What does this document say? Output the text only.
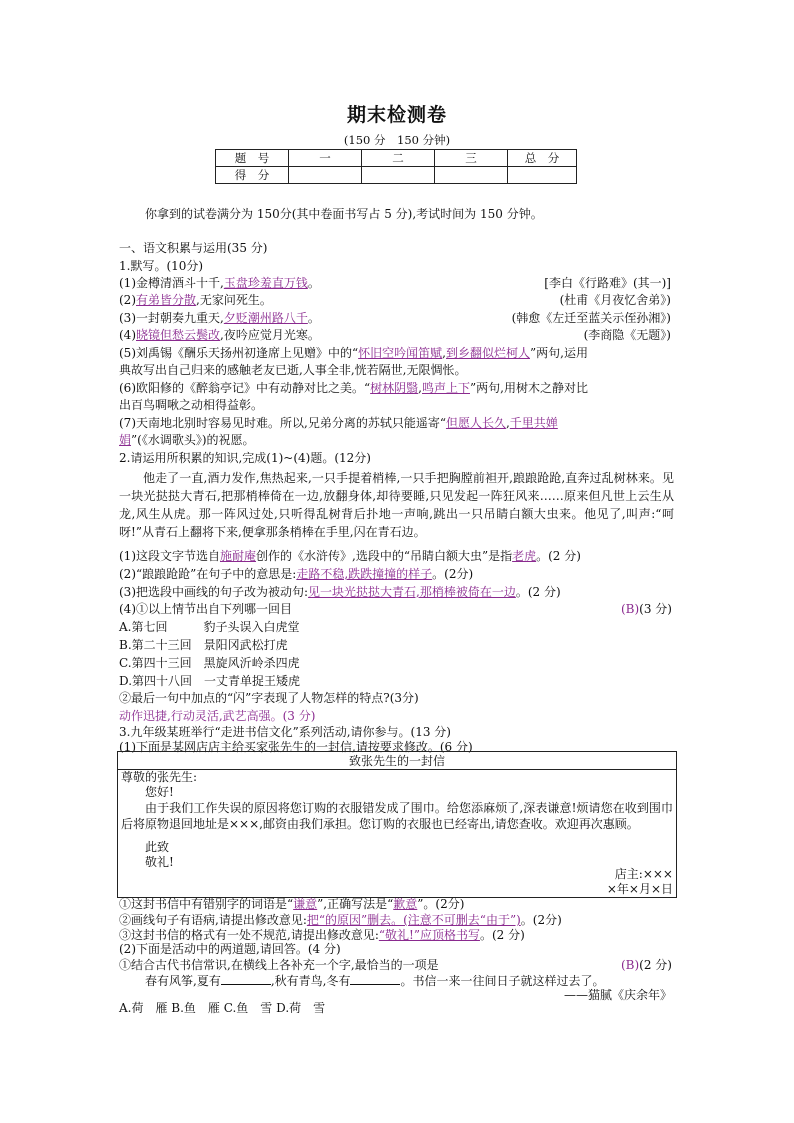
期末检测卷
(150 分　150 分钟)
题　号	一	二	三	总　分
得　分				
你拿到的试卷满分为 150分(其中卷面书写占 5 分),考试时间为 150 分钟。
一、语文积累与运用(35 分)
1.默写。(10分)
(1)金樽清酒斗十千,玉盘珍羞直万钱。	[李白《行路难》(其一)]
(2)有弟皆分散,无家问死生。	(杜甫《月夜忆舍弟》)
(3)一封朝奏九重天,夕贬潮州路八千。	(韩愈《左迁至蓝关示侄孙湘》)
(4)晓镜但愁云鬓改,夜吟应觉月光寒。	(李商隐《无题》)
(5)刘禹锡《酬乐天扬州初逢席上见赠》中的“怀旧空吟闻笛赋,到乡翻似烂柯人”两句,运用
典故写出自己归来的感触老友已逝,人事全非,恍若隔世,无限惆怅。
(6)欧阳修的《醉翁亭记》中有动静对比之美。“树林阴翳,鸣声上下”两句,用树木之静对比
出百鸟啁啾之动相得益彰。
(7)天南地北别时容易见时难。所以,兄弟分离的苏轼只能遥寄“但愿人长久,千里共婵
娟”(《水调歌头》)的祝愿。
2.请运用所积累的知识,完成(1)~(4)题。(12分)
他走了一直,酒力发作,焦热起来,一只手提着梢棒,一只手把胸膛前袒开,踉踉跄跄,直奔过乱树林来。见一块光挞挞大青石,把那梢棒倚在一边,放翻身体,却待要睡,只见发起一阵狂风来……原来但凡世上云生从龙,风生从虎。那一阵风过处,只听得乱树背后扑地一声响,跳出一只吊睛白额大虫来。他见了,叫声:“呵呀!”从青石上翻将下来,便拿那条梢棒在手里,闪在青石边。
(1)这段文字节选自施耐庵创作的《水浒传》,选段中的“吊睛白额大虫”是指老虎。(2 分)
(2)“踉踉跄跄”在句子中的意思是:走路不稳,跌跌撞撞的样子。(2分)
(3)把选段中画线的句子改为被动句:见一块光挞挞大青石,那梢棒被倚在一边。(2 分)
(4)①以上情节出自下列哪一回目	(B)(3 分)
A.第七回　　　豹子头误入白虎堂
B.第二十三回　景阳冈武松打虎
C.第四十三回　黑旋风沂岭杀四虎
D.第四十八回　一丈青单捉王矮虎
②最后一句中加点的“闪”字表现了人物怎样的特点?(3分)
动作迅捷,行动灵活,武艺高强。(3 分)
3.九年级某班举行“走进书信文化”系列活动,请你参与。(13 分)
(1)下面是某网店店主给买家张先生的一封信,请按要求修改。(6 分)
致张先生的一封信
尊敬的张先生:
您好!
由于我们工作失误的原因将您订购的衣服错发成了围巾。给您添麻烦了,深表谦意!烦请您在收到围巾后将原物退回地址是×××,邮资由我们承担。您订购的衣服也已经寄出,请您查收。欢迎再次惠顾。
此致
敬礼!
店主:×××
×年×月×日
①这封书信中有错别字的词语是“谦意”,正确写法是“歉意”。(2分)
②画线句子有语病,请提出修改意见:把“的原因”删去。(注意不可删去“由于”)。(2分)
③这封书信的格式有一处不规范,请提出修改意见:“敬礼!”应顶格书写。(2 分)
(2)下面是活动中的两道题,请回答。(4 分)
①结合古代书信常识,在横线上各补充一个字,最恰当的一项是	(B)(2 分)
春有风筝,夏有	,秋有青鸟,冬有	。书信一来一往间日子就这样过去了。
——猫腻《庆余年》
A.荷　雁 B.鱼　雁 C.鱼　雪 D.荷　雪
